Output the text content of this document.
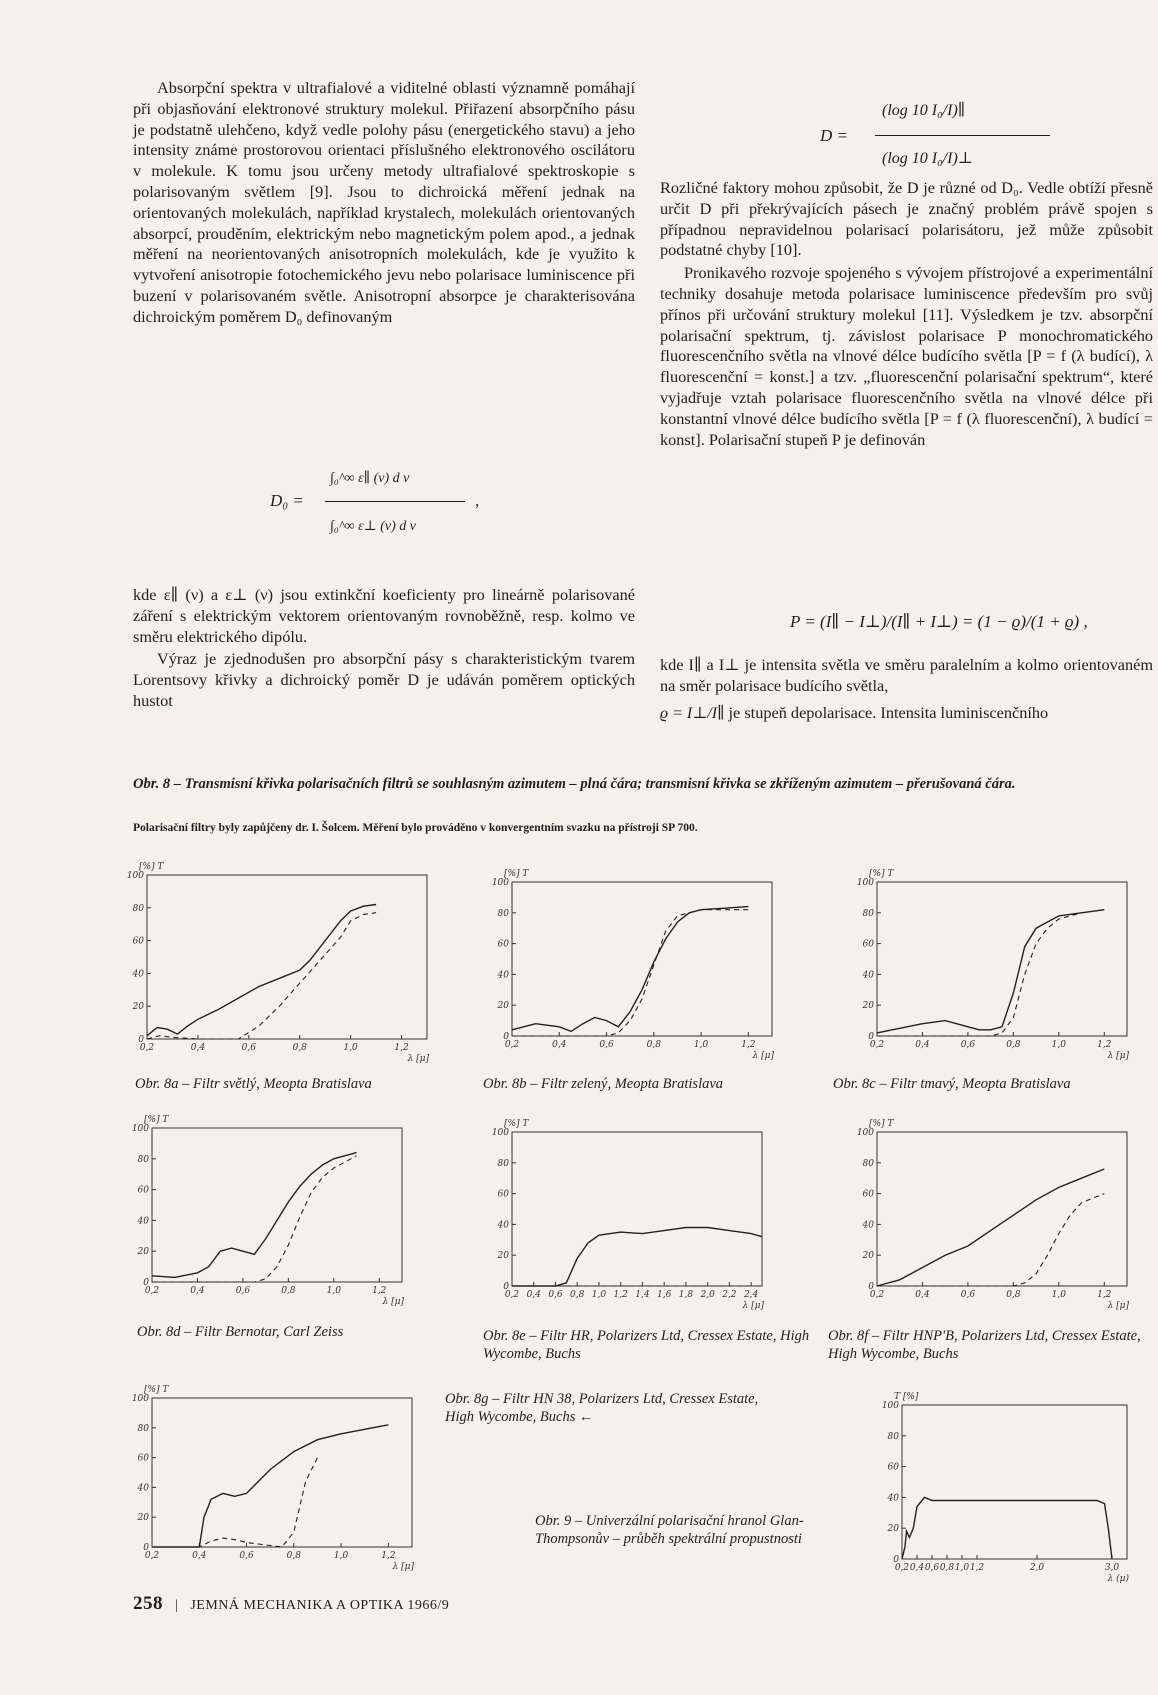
Absorpční spektra v ultrafialové a viditelné oblasti významně pomáhají při objasňování elektronové struktury molekul. Přiřazení absorpčního pásu je podstatně ulehčeno, když vedle polohy pásu (energetického stavu) a jeho intensity známe prostorovou orientaci příslušného elektronového oscilátoru v molekule. K tomu jsou určeny metody ultrafialové spektroskopie s polarisovaným světlem [9]. Jsou to dichroická měření jednak na orientovaných molekulách, například krystalech, molekulách orientovaných absorpcí, prouděním, elektrickým nebo magnetickým polem apod., a jednak měření na neorientovaných anisotropních molekulách, kde je využito k vytvoření anisotropie fotochemického jevu nebo polarisace luminiscence při buzení v polarisovaném světle. Anisotropní absorpce je charakterisována dichroickým poměrem D₀ definovaným

D₀ =
∫₀^∞ ε∥ (ν) d ν
∫₀^∞ ε⊥ (ν) d ν
,

kde ε∥ (ν) a ε⊥ (ν) jsou extinkční koeficienty pro lineárně polarisované záření s elektrickým vektorem orientovaným rovnoběžně, resp. kolmo ve směru elektrického dipólu.

Výraz je zjednodušen pro absorpční pásy s charakteristickým tvarem Lorentsovy křivky a dichroický poměr D je udáván poměrem optických hustot

D =
(log 10 I₀/I)∥
(log 10 I₀/I)⊥

Rozličné faktory mohou způsobit, že D je různé od D₀. Vedle obtíží přesně určit D při překrývajících pásech je značný problém právě spojen s případnou nepravidelnou polarisací polarisátoru, jež může způsobit podstatné chyby [10].

Pronikavého rozvoje spojeného s vývojem přístrojové a experimentální techniky dosahuje metoda polarisace luminiscence především pro svůj přínos při určování struktury molekul [11]. Výsledkem je tzv. absorpční polarisační spektrum, tj. závislost polarisace P monochromatického fluorescenčního světla na vlnové délce budícího světla [P = f (λ budící), λ fluorescenční = konst.] a tzv. „fluorescenční polarisační spektrum“, které vyjadřuje vztah polarisace fluorescenčního světla na vlnové délce při konstantní vlnové délce budícího světla [P = f (λ fluorescenční), λ budící = konst]. Polarisační stupeň P je definován

P = (I∥ − I⊥)/(I∥ + I⊥) = (1 − ϱ)/(1 + ϱ) ,

kde I∥ a I⊥ je intensita světla ve směru paralelním a kolmo orientovaném na směr polarisace budícího světla,

ϱ = I⊥/I∥ je stupeň depolarisace. Intensita luminiscenčního

Obr. 8 – Transmisní křivka polarisačních filtrů se souhlasným azimutem – plná čára; transmisní křivka se zkříženým azimutem – přerušovaná čára.
Polarisační filtry byly zapůjčeny dr. I. Šolcem. Měření bylo prováděno v konvergentním svazku na přístroji SP 700.
0
20
40
60
80
100
0,2	0,4	0,6	0,8	1,0	1,2
[%] T
λ [μ]
0
20
40
60
80
100
0,2	0,4	0,6	0,8	1,0	1,2
[%] T
λ [μ]
0
20
40
60
80
100
0,2	0,4	0,6	0,8	1,0	1,2
[%] T
λ [μ]
0
20
40
60
80
100
0,2	0,4	0,6	0,8	1,0	1,2
[%] T
λ [μ]
0
20
40
60
80
100
0,2 0,4 0,6 0,8 1,0 1,2 1,4 1,6 1,8 2,0 2,2 2,4
[%] T
λ [μ]
0
20
40
60
80
100
0,2	0,4	0,6	0,8	1,0	1,2
[%] T
λ [μ]
0
20
40
60
80
100
0,2	0,4	0,6	0,8	1,0	1,2
[%] T
λ [μ]
0
20
40
60
80
100
0,2 0,4 0,6 0,8 1,0 1,2	2,0	3,0
T [%]
λ (μ)
Obr. 8a – Filtr světlý, Meopta Bratislava	Obr. 8b – Filtr zelený, Meopta Bratislava	Obr. 8c – Filtr tmavý, Meopta Bratislava
Obr. 8d – Filtr Bernotar, Carl Zeiss	Obr. 8e – Filtr HR, Polarizers Ltd, Cressex Estate, High Wycombe, Buchs
Obr. 8f – Filtr HNP'B, Polarizers Ltd, Cressex Estate, High Wycombe, Buchs
Obr. 8g – Filtr HN 38, Polarizers Ltd, Cressex Estate, High Wycombe, Buchs ←
Obr. 9 – Univerzální polarisační hranol Glan-Thompsonův – průběh spektrální propustnosti
258 | JEMNÁ MECHANIKA A OPTIKA 1966/9
